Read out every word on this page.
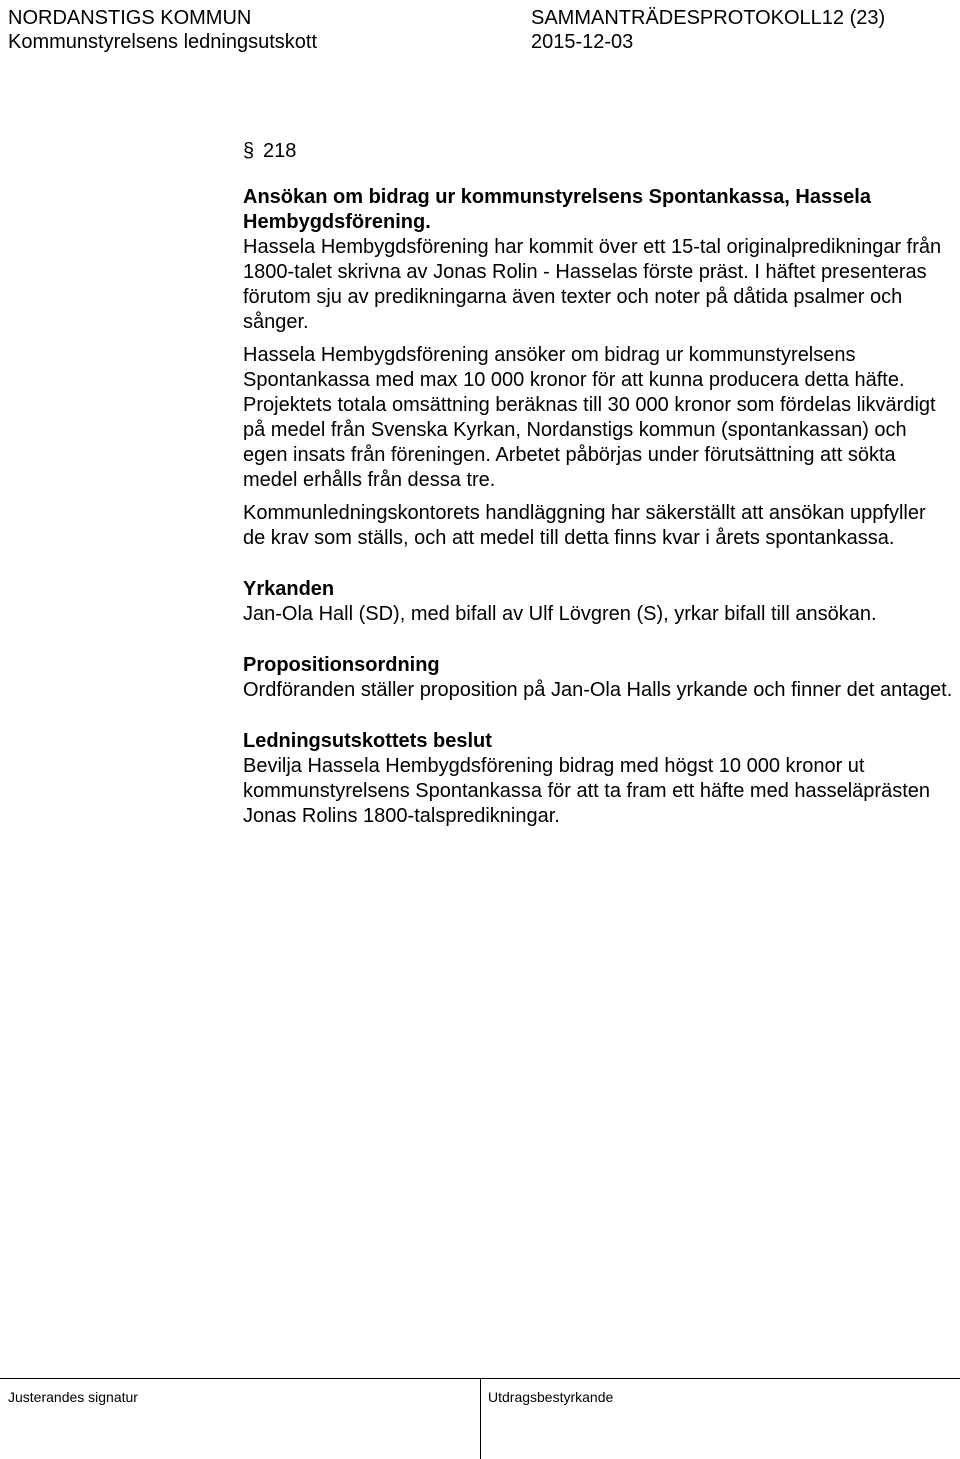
NORDANSTIGS KOMMUN	SAMMANTRÄDESPROTOKOLL12 (23)
Kommunstyrelsens ledningsutskott	2015-12-03

§ 218

Ansökan om bidrag ur kommunstyrelsens Spontankassa, Hassela Hembygdsförening.

Hassela Hembygdsförening har kommit över ett 15-tal originalpredikningar från 1800-talet skrivna av Jonas Rolin - Hasselas förste präst. I häftet presenteras förutom sju av predikningarna även texter och noter på dåtida psalmer och sånger.

Hassela Hembygdsförening ansöker om bidrag ur kommunstyrelsens Spontankassa med max 10 000 kronor för att kunna producera detta häfte. Projektets totala omsättning beräknas till 30 000 kronor som fördelas likvärdigt på medel från Svenska Kyrkan, Nordanstigs kommun (spontankassan) och egen insats från föreningen. Arbetet påbörjas under förutsättning att sökta medel erhålls från dessa tre.

Kommunledningskontorets handläggning har säkerställt att ansökan uppfyller de krav som ställs, och att medel till detta finns kvar i årets spontankassa.

Yrkanden

Jan-Ola Hall (SD), med bifall av Ulf Lövgren (S), yrkar bifall till ansökan.

Propositionsordning

Ordföranden ställer proposition på Jan-Ola Halls yrkande och finner det antaget.

Ledningsutskottets beslut

Bevilja Hassela Hembygdsförening bidrag med högst 10 000 kronor ut kommunstyrelsens Spontankassa för att ta fram ett häfte med hasseläprästen Jonas Rolins 1800-talspredikningar.

Justerandes signatur	Utdragsbestyrkande
